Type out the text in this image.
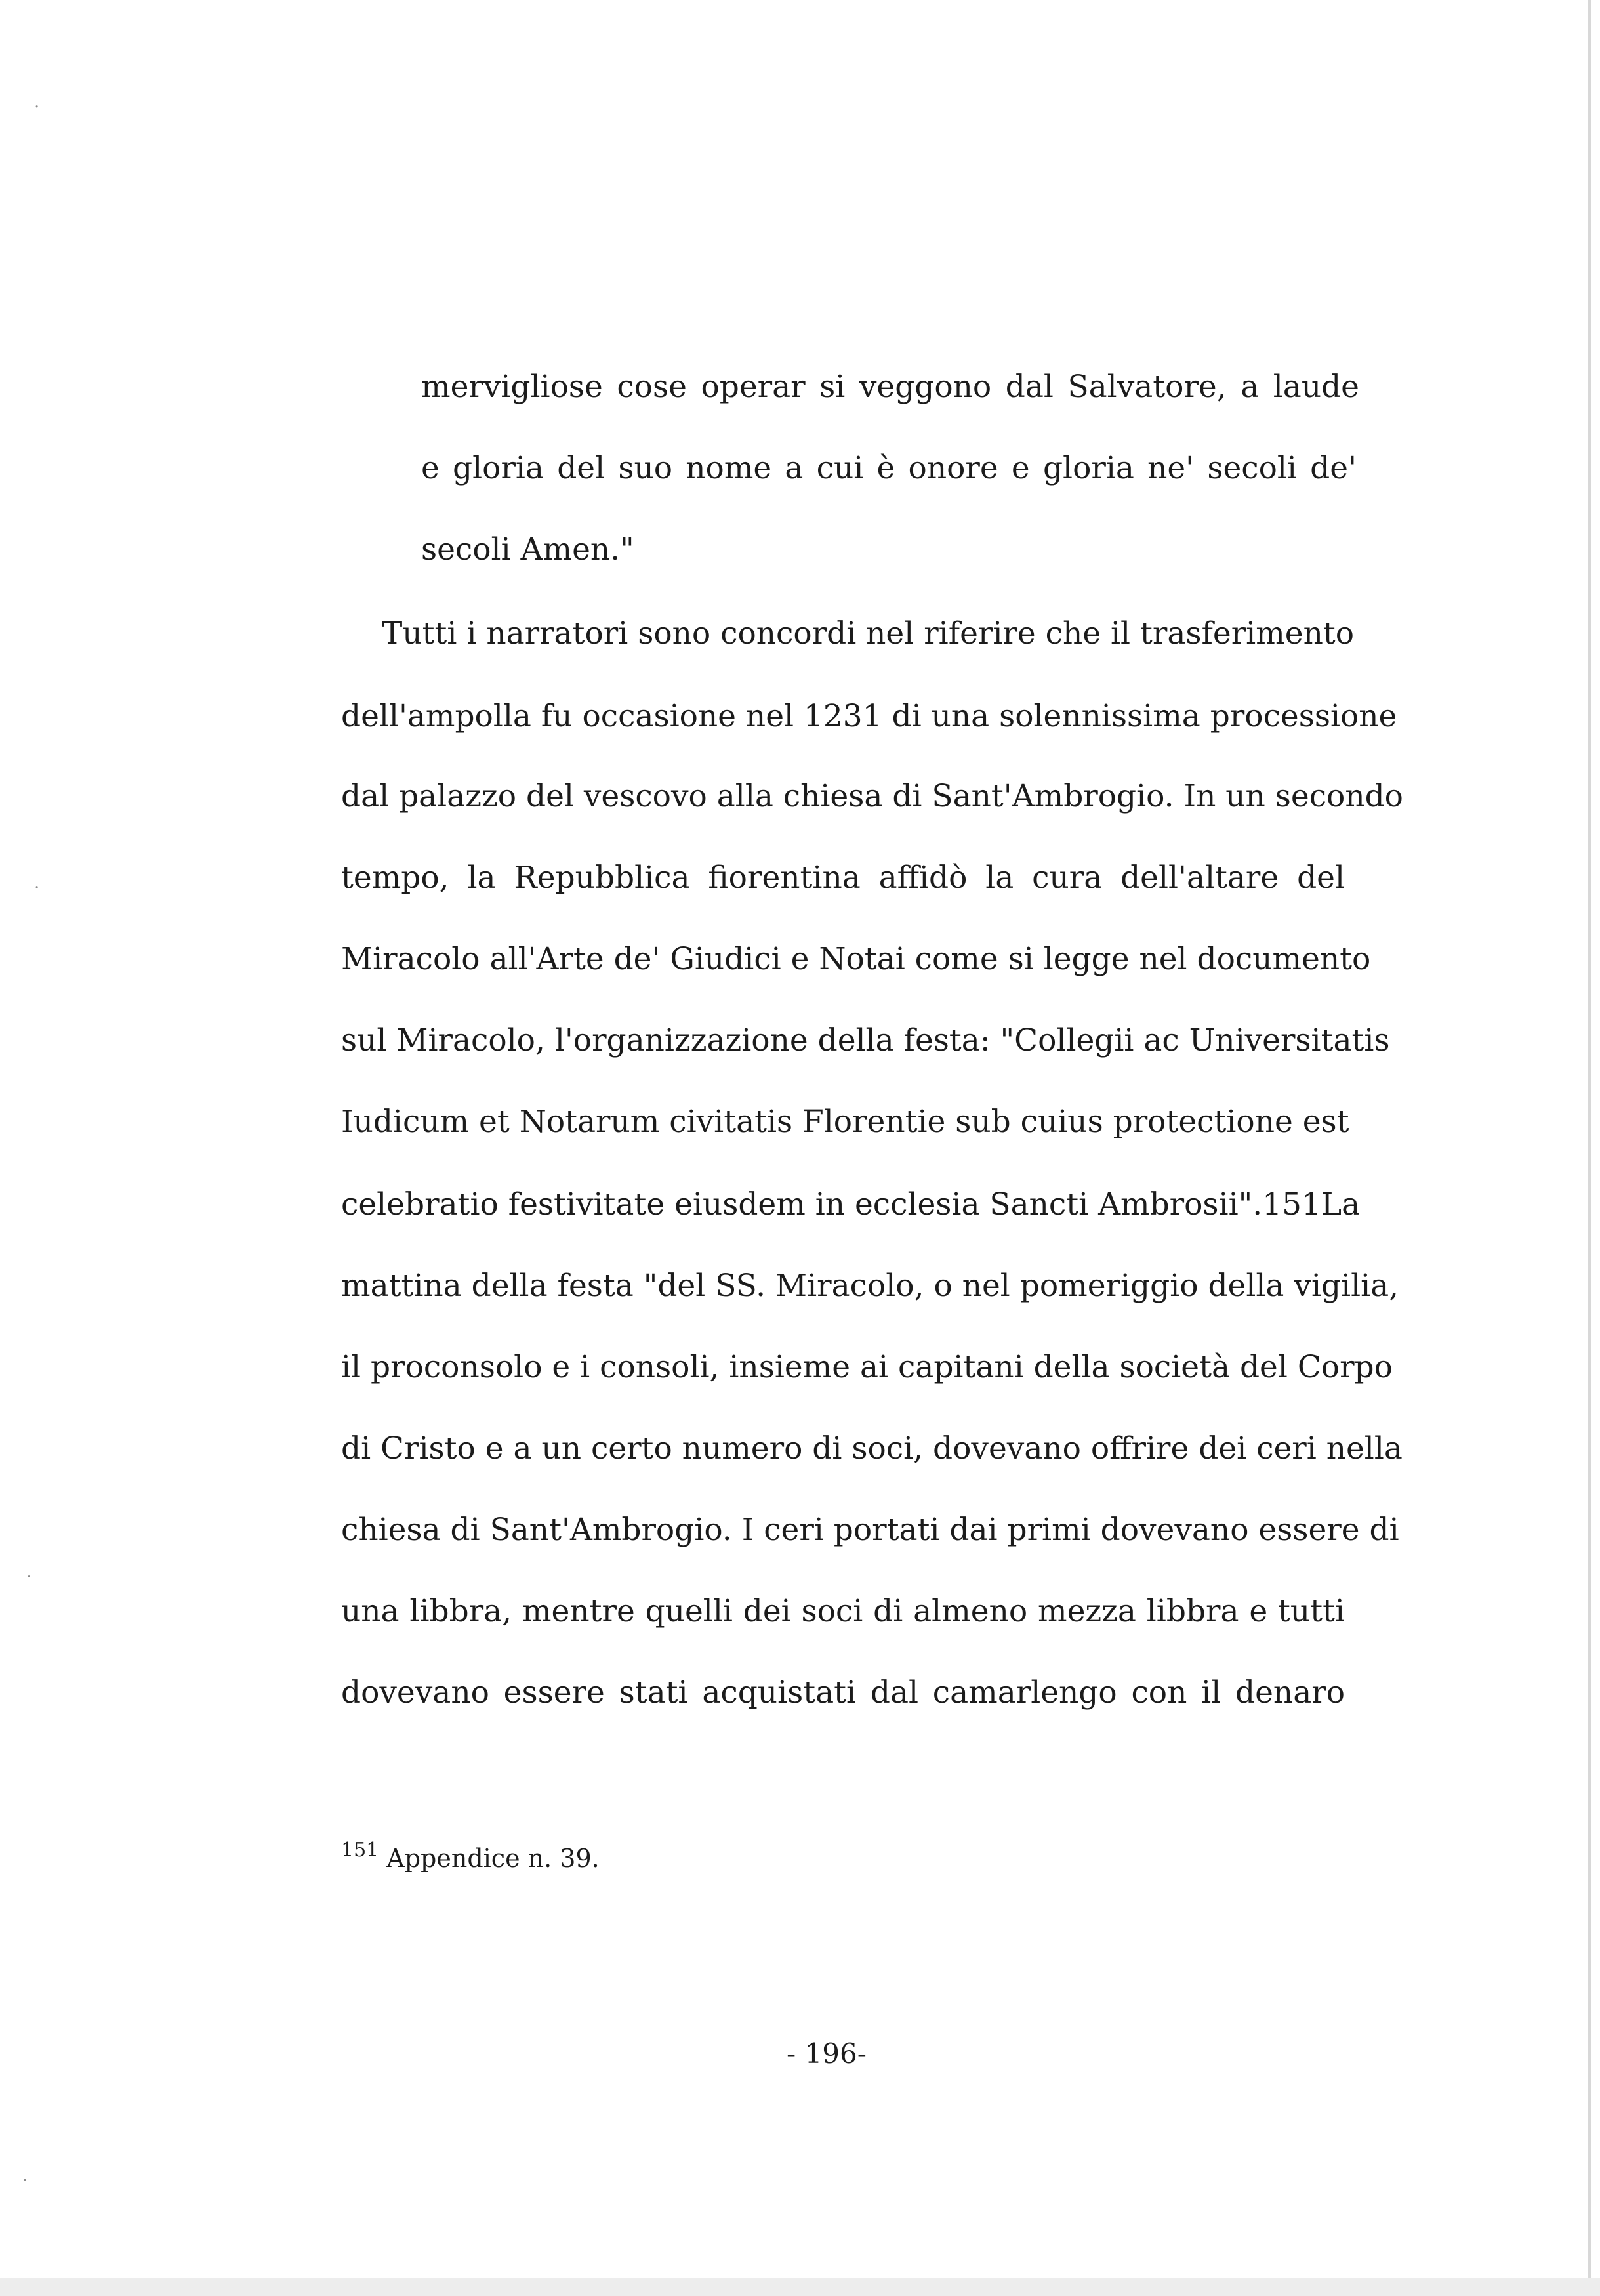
·
·
·
·
mervigliose cose operar si veggono dal Salvatore, a laude
e gloria del suo nome a cui è onore e gloria ne' secoli de'
secoli Amen."
Tutti i narratori sono concordi nel riferire che il trasferimento
dell'ampolla fu occasione nel 1231 di una solennissima processione
dal palazzo del vescovo alla chiesa di Sant'Ambrogio. In un secondo
tempo, la Repubblica fiorentina affidò la cura dell'altare del
Miracolo all'Arte de' Giudici e Notai come si legge nel documento
sul Miracolo, l'organizzazione della festa: "Collegii ac Universitatis
Iudicum et Notarum civitatis Florentie sub cuius protectione est
celebratio festivitate eiusdem in ecclesia Sancti Ambrosii".151La
mattina della festa "del SS. Miracolo, o nel pomeriggio della vigilia,
il proconsolo e i consoli, insieme ai capitani della società del Corpo
di Cristo e a un certo numero di soci, dovevano offrire dei ceri nella
chiesa di Sant'Ambrogio. I ceri portati dai primi dovevano essere di
una libbra, mentre quelli dei soci di almeno mezza libbra e tutti
dovevano essere stati acquistati dal camarlengo con il denaro
$^{151}$ Appendice n. 39.
- 196-
